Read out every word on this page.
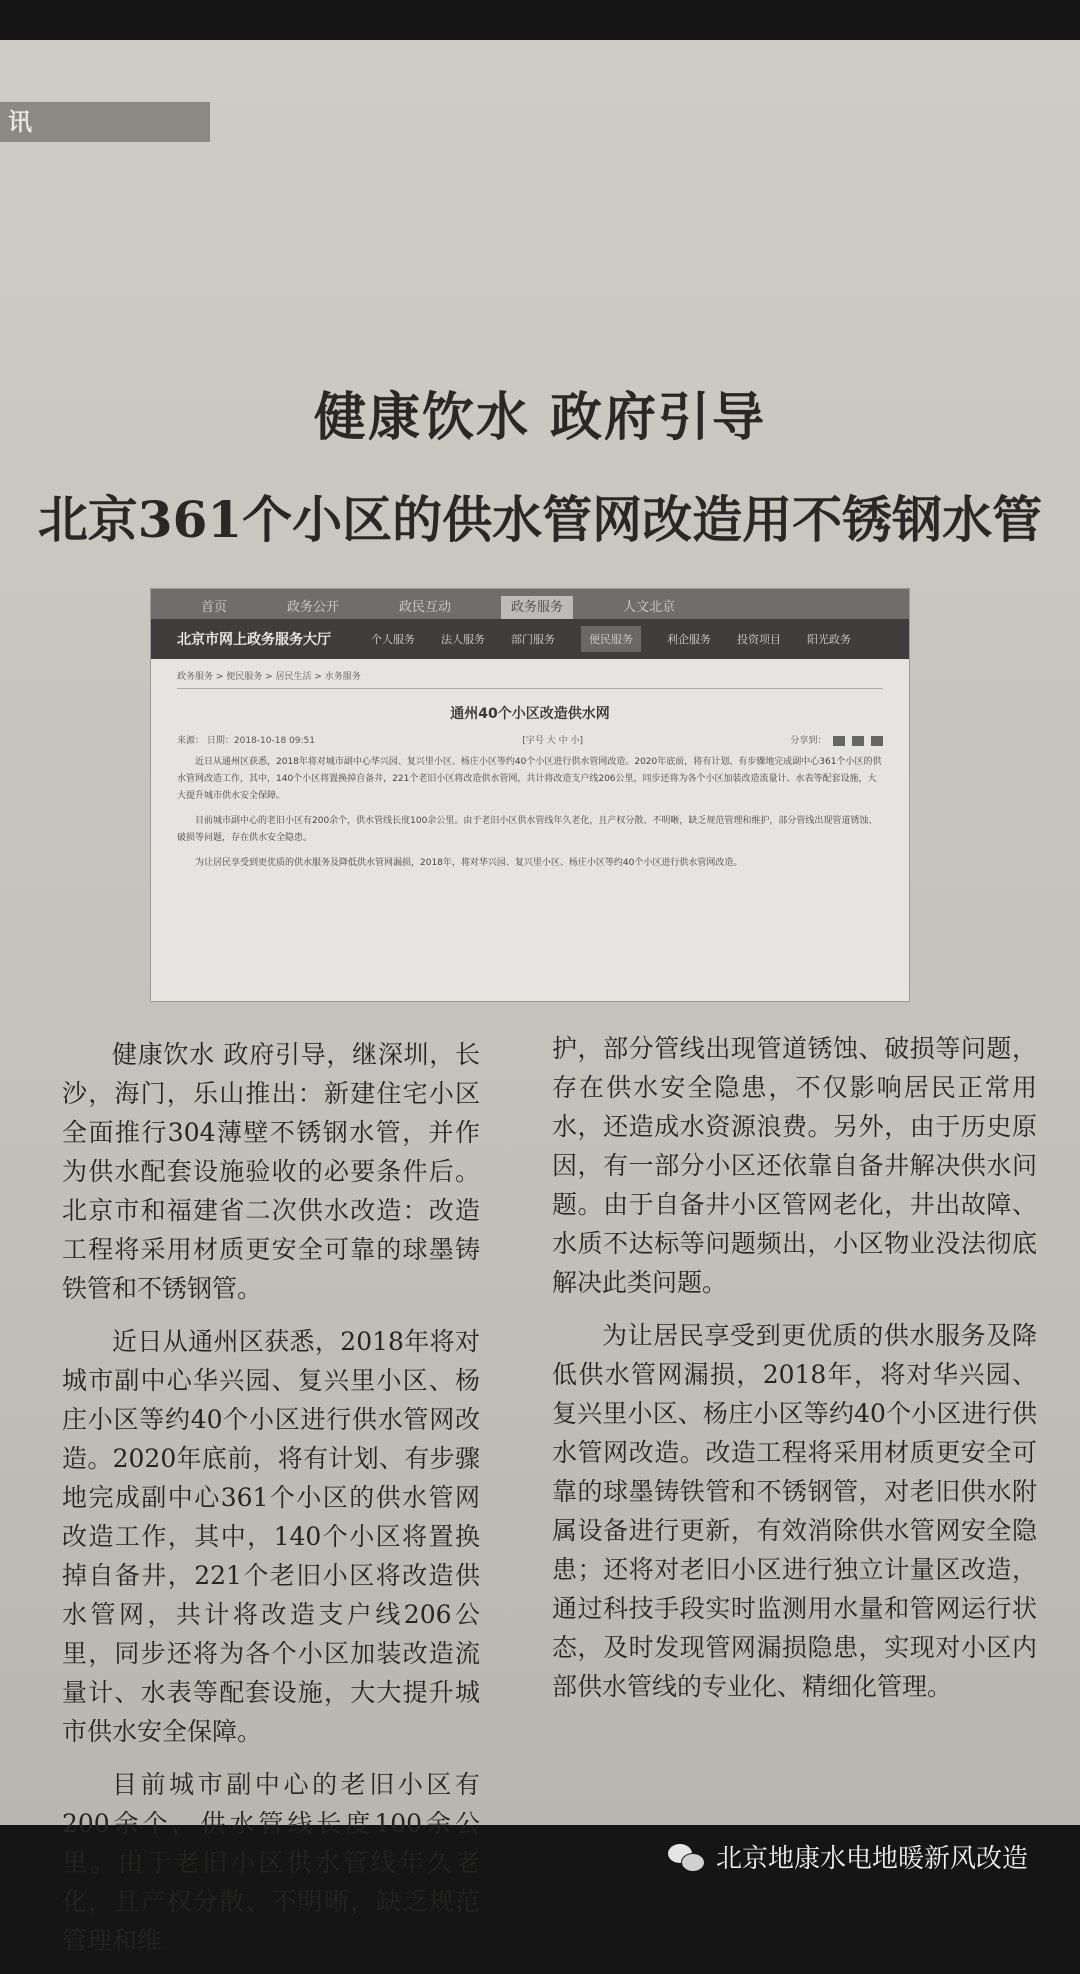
讯
健康饮水 政府引导
北京361个小区的供水管网改造用不锈钢水管
首页	政务公开	政民互动	政务服务	人文北京
北京市网上政务服务大厅	个人服务 法人服务 部门服务	便民服务	利企服务 投资项目 阳光政务
政务服务 > 便民服务 > 居民生活 > 水务服务
通州40个小区改造供水网
来源： 日期：2018-10-18 09:51	[字号 大 中 小]	分享到：

近日从通州区获悉，2018年将对城市副中心华兴园、复兴里小区、杨庄小区等约40个小区进行供水管网改造。2020年底前，将有计划、有步骤地完成副中心361个小区的供水管网改造工作，其中，140个小区将置换掉自备井，221个老旧小区将改造供水管网，共计将改造支户线206公里，同步还将为各个小区加装改造流量计、水表等配套设施，大大提升城市供水安全保障。

目前城市副中心的老旧小区有200余个，供水管线长度100余公里。由于老旧小区供水管线年久老化，且产权分散、不明晰，缺乏规范管理和维护，部分管线出现管道锈蚀、破损等问题，存在供水安全隐患。

为让居民享受到更优质的供水服务及降低供水管网漏损，2018年，将对华兴园、复兴里小区、杨庄小区等约40个小区进行供水管网改造。

健康饮水 政府引导，继深圳，长沙，海门，乐山推出：新建住宅小区全面推行304薄壁不锈钢水管，并作为供水配套设施验收的必要条件后。北京市和福建省二次供水改造：改造工程将采用材质更安全可靠的球墨铸铁管和不锈钢管。

近日从通州区获悉，2018年将对城市副中心华兴园、复兴里小区、杨庄小区等约40个小区进行供水管网改造。2020年底前，将有计划、有步骤地完成副中心361个小区的供水管网改造工作，其中，140个小区将置换掉自备井，221个老旧小区将改造供水管网，共计将改造支户线206公里，同步还将为各个小区加装改造流量计、水表等配套设施，大大提升城市供水安全保障。

目前城市副中心的老旧小区有200余个，供水管线长度100余公里。由于老旧小区供水管线年久老化，且产权分散、不明晰，缺乏规范管理和维

护，部分管线出现管道锈蚀、破损等问题，存在供水安全隐患，不仅影响居民正常用水，还造成水资源浪费。另外，由于历史原因，有一部分小区还依靠自备井解决供水问题。由于自备井小区管网老化，井出故障、水质不达标等问题频出，小区物业没法彻底解决此类问题。

为让居民享受到更优质的供水服务及降低供水管网漏损，2018年，将对华兴园、复兴里小区、杨庄小区等约40个小区进行供水管网改造。改造工程将采用材质更安全可靠的球墨铸铁管和不锈钢管，对老旧供水附属设备进行更新，有效消除供水管网安全隐患；还将对老旧小区进行独立计量区改造，通过科技手段实时监测用水量和管网运行状态，及时发现管网漏损隐患，实现对小区内部供水管线的专业化、精细化管理。

北京地康水电地暖新风改造
